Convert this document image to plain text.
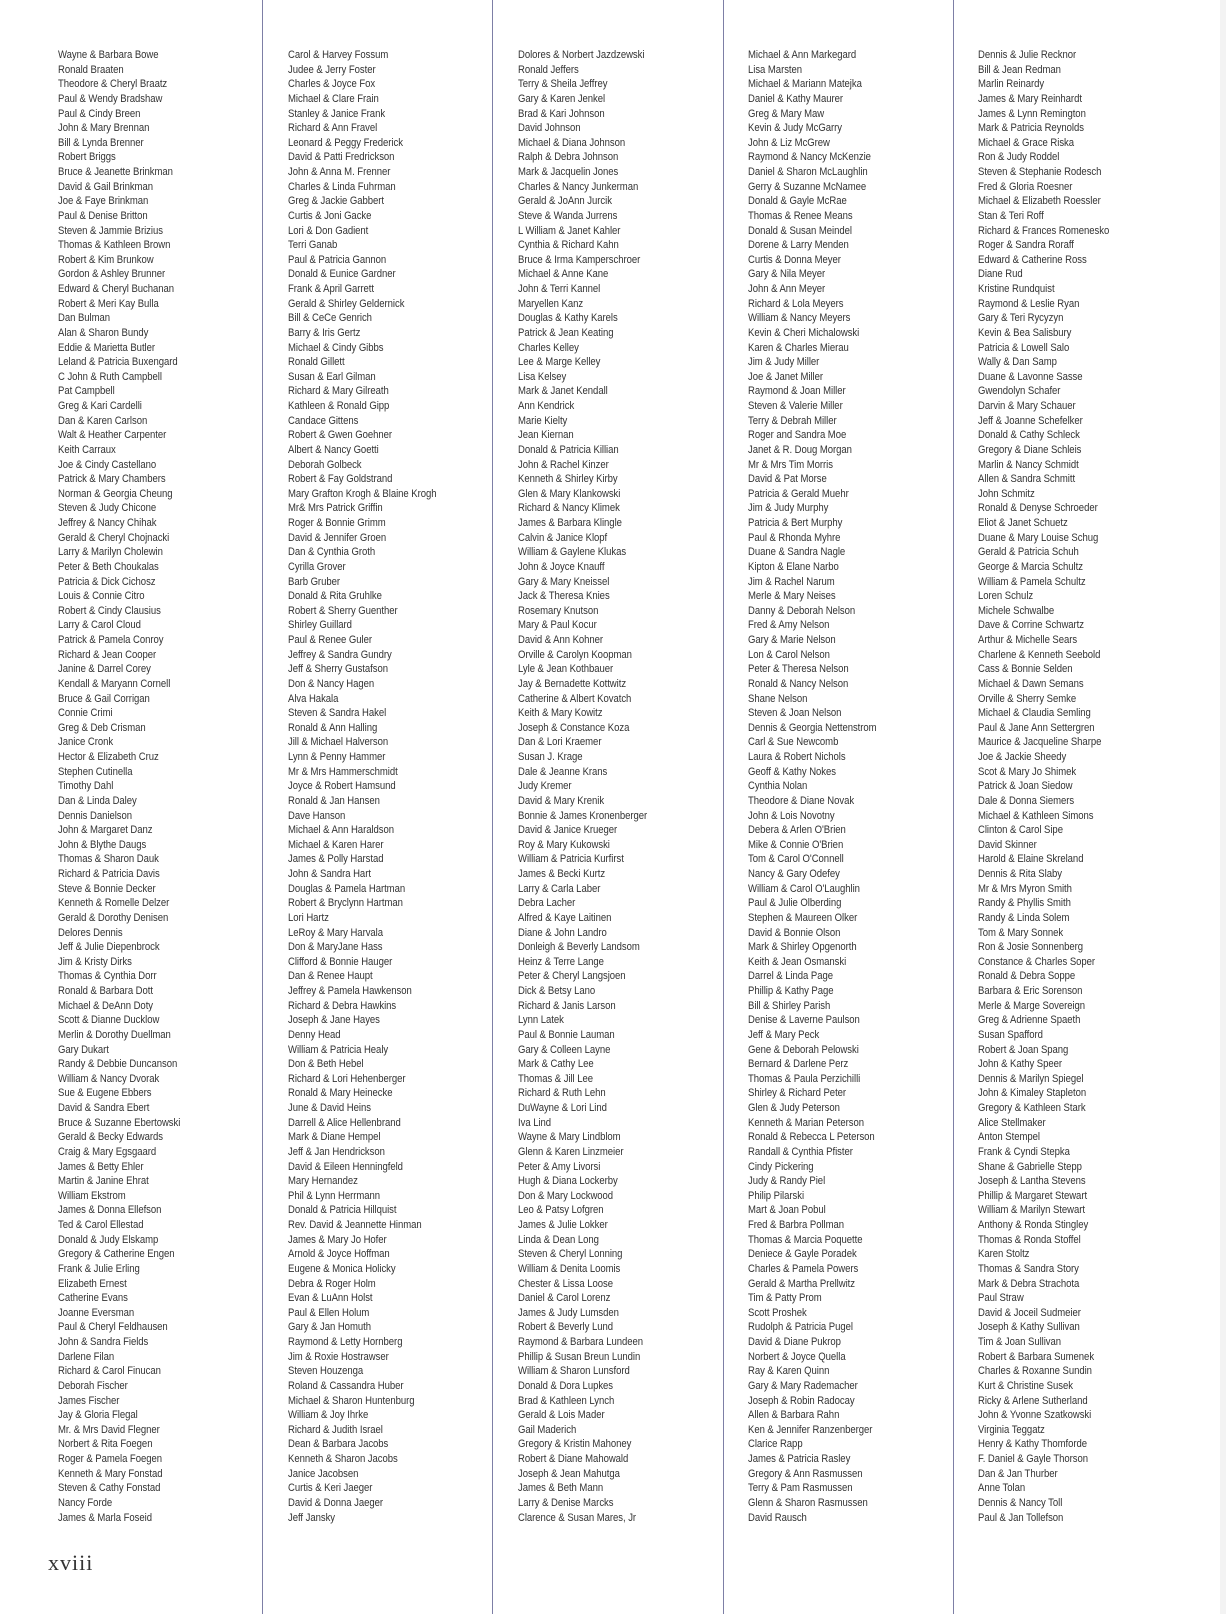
Wayne & Barbara Bowe
Ronald Braaten
Theodore & Cheryl Braatz
Paul & Wendy Bradshaw
Paul & Cindy Breen
John & Mary Brennan
Bill & Lynda Brenner
Robert Briggs
Bruce & Jeanette Brinkman
David & Gail Brinkman
Joe & Faye Brinkman
Paul & Denise Britton
Steven & Jammie Brizius
Thomas & Kathleen Brown
Robert & Kim Brunkow
Gordon & Ashley Brunner
Edward & Cheryl Buchanan
Robert & Meri Kay Bulla
Dan Bulman
Alan & Sharon Bundy
Eddie & Marietta Butler
Leland & Patricia Buxengard
C John & Ruth Campbell
Pat Campbell
Greg & Kari Cardelli
Dan & Karen Carlson
Walt & Heather Carpenter
Keith Carraux
Joe & Cindy Castellano
Patrick & Mary Chambers
Norman & Georgia Cheung
Steven & Judy Chicone
Jeffrey & Nancy Chihak
Gerald & Cheryl Chojnacki
Larry & Marilyn Cholewin
Peter & Beth Choukalas
Patricia & Dick Cichosz
Louis & Connie Citro
Robert & Cindy Clausius
Larry & Carol Cloud
Patrick & Pamela Conroy
Richard & Jean Cooper
Janine & Darrel Corey
Kendall & Maryann Cornell
Bruce & Gail Corrigan
Connie Crimi
Greg & Deb Crisman
Janice Cronk
Hector & Elizabeth Cruz
Stephen Cutinella
Timothy Dahl
Dan & Linda Daley
Dennis Danielson
John & Margaret Danz
John & Blythe Daugs
Thomas & Sharon Dauk
Richard & Patricia Davis
Steve & Bonnie Decker
Kenneth & Romelle Delzer
Gerald & Dorothy Denisen
Delores Dennis
Jeff & Julie Diepenbrock
Jim & Kristy Dirks
Thomas & Cynthia Dorr
Ronald & Barbara Dott
Michael & DeAnn Doty
Scott & Dianne Ducklow
Merlin & Dorothy Duellman
Gary Dukart
Randy & Debbie Duncanson
William & Nancy Dvorak
Sue & Eugene Ebbers
David & Sandra Ebert
Bruce & Suzanne Ebertowski
Gerald & Becky Edwards
Craig & Mary Egsgaard
James & Betty Ehler
Martin & Janine Ehrat
William Ekstrom
James & Donna Ellefson
Ted & Carol Ellestad
Donald & Judy Elskamp
Gregory & Catherine Engen
Frank & Julie Erling
Elizabeth Ernest
Catherine Evans
Joanne Eversman
Paul & Cheryl Feldhausen
John & Sandra Fields
Darlene Filan
Richard & Carol Finucan
Deborah Fischer
James Fischer
Jay & Gloria Flegal
Mr. & Mrs David Flegner
Norbert & Rita Foegen
Roger & Pamela Foegen
Kenneth & Mary Fonstad
Steven & Cathy Fonstad
Nancy Forde
James & Marla Foseid
Carol & Harvey Fossum
Judee & Jerry Foster
Charles & Joyce Fox
Michael & Clare Frain
Stanley & Janice Frank
Richard & Ann Fravel
Leonard & Peggy Frederick
David & Patti Fredrickson
John & Anna M. Frenner
Charles & Linda Fuhrman
Greg & Jackie Gabbert
Curtis & Joni Gacke
Lori & Don Gadient
Terri Ganab
Paul & Patricia Gannon
Donald & Eunice Gardner
Frank & April Garrett
Gerald & Shirley Geldernick
Bill & CeCe Genrich
Barry & Iris Gertz
Michael & Cindy Gibbs
Ronald Gillett
Susan & Earl Gilman
Richard & Mary Gilreath
Kathleen & Ronald Gipp
Candace Gittens
Robert & Gwen Goehner
Albert & Nancy Goetti
Deborah Golbeck
Robert & Fay Goldstrand
Mary Grafton Krogh & Blaine Krogh
Mr& Mrs Patrick Griffin
Roger & Bonnie Grimm
David & Jennifer Groen
Dan & Cynthia Groth
Cyrilla Grover
Barb Gruber
Donald & Rita Gruhlke
Robert & Sherry Guenther
Shirley Guillard
Paul & Renee Guler
Jeffrey & Sandra Gundry
Jeff & Sherry Gustafson
Don & Nancy Hagen
Alva Hakala
Steven & Sandra Hakel
Ronald & Ann Halling
Jill & Michael Halverson
Lynn & Penny Hammer
Mr & Mrs Hammerschmidt
Joyce & Robert Hamsund
Ronald & Jan Hansen
Dave Hanson
Michael & Ann Haraldson
Michael & Karen Harer
James & Polly Harstad
John & Sandra Hart
Douglas & Pamela Hartman
Robert & Bryclynn Hartman
Lori Hartz
LeRoy & Mary Harvala
Don & MaryJane Hass
Clifford & Bonnie Hauger
Dan & Renee Haupt
Jeffrey & Pamela Hawkenson
Richard & Debra Hawkins
Joseph & Jane Hayes
Denny Head
William & Patricia Healy
Don & Beth Hebel
Richard & Lori Hehenberger
Ronald & Mary Heinecke
June & David Heins
Darrell & Alice Hellenbrand
Mark & Diane Hempel
Jeff & Jan Hendrickson
David & Eileen Henningfeld
Mary Hernandez
Phil & Lynn Herrmann
Donald & Patricia Hillquist
Rev. David & Jeannette Hinman
James & Mary Jo Hofer
Arnold & Joyce Hoffman
Eugene & Monica Holicky
Debra & Roger Holm
Evan & LuAnn Holst
Paul & Ellen Holum
Gary & Jan Homuth
Raymond & Letty Hornberg
Jim & Roxie Hostrawser
Steven Houzenga
Roland & Cassandra Huber
Michael & Sharon Huntenburg
William & Joy Ihrke
Richard & Judith Israel
Dean & Barbara Jacobs
Kenneth & Sharon Jacobs
Janice Jacobsen
Curtis & Keri Jaeger
David & Donna Jaeger
Jeff Jansky
Dolores & Norbert Jazdzewski
Ronald Jeffers
Terry & Sheila Jeffrey
Gary & Karen Jenkel
Brad & Kari Johnson
David Johnson
Michael & Diana Johnson
Ralph & Debra Johnson
Mark & Jacquelin Jones
Charles & Nancy Junkerman
Gerald & JoAnn Jurcik
Steve & Wanda Jurrens
L William & Janet Kahler
Cynthia & Richard Kahn
Bruce & Irma Kamperschroer
Michael & Anne Kane
John & Terri Kannel
Maryellen Kanz
Douglas & Kathy Karels
Patrick & Jean Keating
Charles Kelley
Lee & Marge Kelley
Lisa Kelsey
Mark & Janet Kendall
Ann Kendrick
Marie Kielty
Jean Kiernan
Donald & Patricia Killian
John & Rachel Kinzer
Kenneth & Shirley Kirby
Glen & Mary Klankowski
Richard & Nancy Klimek
James & Barbara Klingle
Calvin & Janice Klopf
William & Gaylene Klukas
John & Joyce Knauff
Gary & Mary Kneissel
Jack & Theresa Knies
Rosemary Knutson
Mary & Paul Kocur
David & Ann Kohner
Orville & Carolyn Koopman
Lyle & Jean Kothbauer
Jay & Bernadette Kottwitz
Catherine & Albert Kovatch
Keith & Mary Kowitz
Joseph & Constance Koza
Dan & Lori Kraemer
Susan J. Krage
Dale & Jeanne Krans
Judy Kremer
David & Mary Krenik
Bonnie & James Kronenberger
David & Janice Krueger
Roy & Mary Kukowski
William & Patricia Kurfirst
James & Becki Kurtz
Larry & Carla Laber
Debra Lacher
Alfred & Kaye Laitinen
Diane & John Landro
Donleigh & Beverly Landsom
Heinz & Terre Lange
Peter & Cheryl Langsjoen
Dick & Betsy Lano
Richard & Janis Larson
Lynn Latek
Paul & Bonnie Lauman
Gary & Colleen Layne
Mark & Cathy Lee
Thomas & Jill Lee
Richard & Ruth Lehn
DuWayne & Lori Lind
Iva Lind
Wayne & Mary Lindblom
Glenn & Karen Linzmeier
Peter & Amy Livorsi
Hugh & Diana Lockerby
Don & Mary Lockwood
Leo & Patsy Lofgren
James & Julie Lokker
Linda & Dean Long
Steven & Cheryl Lonning
William & Denita Loomis
Chester & Lissa Loose
Daniel & Carol Lorenz
James & Judy Lumsden
Robert & Beverly Lund
Raymond & Barbara Lundeen
Phillip & Susan Breun Lundin
William & Sharon Lunsford
Donald & Dora Lupkes
Brad & Kathleen Lynch
Gerald & Lois Mader
Gail Maderich
Gregory & Kristin Mahoney
Robert & Diane Mahowald
Joseph & Jean Mahutga
James & Beth Mann
Larry & Denise Marcks
Clarence & Susan Mares, Jr
Michael & Ann Markegard
Lisa Marsten
Michael & Mariann Matejka
Daniel & Kathy Maurer
Greg & Mary Maw
Kevin & Judy McGarry
John & Liz McGrew
Raymond & Nancy McKenzie
Daniel & Sharon McLaughlin
Gerry & Suzanne McNamee
Donald & Gayle McRae
Thomas & Renee Means
Donald & Susan Meindel
Dorene & Larry Menden
Curtis & Donna Meyer
Gary & Nila Meyer
John & Ann Meyer
Richard & Lola Meyers
William & Nancy Meyers
Kevin & Cheri Michalowski
Karen & Charles Mierau
Jim & Judy Miller
Joe & Janet Miller
Raymond & Joan Miller
Steven & Valerie Miller
Terry & Debrah Miller
Roger and Sandra Moe
Janet & R. Doug Morgan
Mr & Mrs Tim Morris
David & Pat Morse
Patricia & Gerald Muehr
Jim & Judy Murphy
Patricia & Bert Murphy
Paul & Rhonda Myhre
Duane & Sandra Nagle
Kipton & Elane Narbo
Jim & Rachel Narum
Merle & Mary Neises
Danny & Deborah Nelson
Fred & Amy Nelson
Gary & Marie Nelson
Lon & Carol Nelson
Peter & Theresa Nelson
Ronald & Nancy Nelson
Shane Nelson
Steven & Joan Nelson
Dennis & Georgia Nettenstrom
Carl & Sue Newcomb
Laura & Robert Nichols
Geoff & Kathy Nokes
Cynthia Nolan
Theodore & Diane Novak
John & Lois Novotny
Debera & Arlen O'Brien
Mike & Connie O'Brien
Tom & Carol O'Connell
Nancy & Gary Odefey
William & Carol O'Laughlin
Paul & Julie Olberding
Stephen & Maureen Olker
David & Bonnie Olson
Mark & Shirley Opgenorth
Keith & Jean Osmanski
Darrel & Linda Page
Phillip & Kathy Page
Bill & Shirley Parish
Denise & Laverne Paulson
Jeff & Mary Peck
Gene & Deborah Pelowski
Bernard & Darlene Perz
Thomas & Paula Perzichilli
Shirley & Richard Peter
Glen & Judy Peterson
Kenneth & Marian Peterson
Ronald & Rebecca L Peterson
Randall & Cynthia Pfister
Cindy Pickering
Judy & Randy Piel
Philip Pilarski
Mart & Joan Pobul
Fred & Barbra Pollman
Thomas & Marcia Poquette
Deniece & Gayle Poradek
Charles & Pamela Powers
Gerald & Martha Prellwitz
Tim & Patty Prom
Scott Proshek
Rudolph & Patricia Pugel
David & Diane Pukrop
Norbert & Joyce Quella
Ray & Karen Quinn
Gary & Mary Rademacher
Joseph & Robin Radocay
Allen & Barbara Rahn
Ken & Jennifer Ranzenberger
Clarice Rapp
James & Patricia Rasley
Gregory & Ann Rasmussen
Terry & Pam Rasmussen
Glenn & Sharon Rasmussen
David Rausch
Dennis & Julie Recknor
Bill & Jean Redman
Marlin Reinardy
James & Mary Reinhardt
James & Lynn Remington
Mark & Patricia Reynolds
Michael & Grace Riska
Ron & Judy Roddel
Steven & Stephanie Rodesch
Fred & Gloria Roesner
Michael & Elizabeth Roessler
Stan & Teri Roff
Richard & Frances Romenesko
Roger & Sandra Roraff
Edward & Catherine Ross
Diane Rud
Kristine Rundquist
Raymond & Leslie Ryan
Gary & Teri Rycyzyn
Kevin & Bea Salisbury
Patricia & Lowell Salo
Wally & Dan Samp
Duane & Lavonne Sasse
Gwendolyn Schafer
Darvin & Mary Schauer
Jeff & Joanne Schefelker
Donald & Cathy Schleck
Gregory & Diane Schleis
Marlin & Nancy Schmidt
Allen & Sandra Schmitt
John Schmitz
Ronald & Denyse Schroeder
Eliot & Janet Schuetz
Duane & Mary Louise Schug
Gerald & Patricia Schuh
George & Marcia Schultz
William & Pamela Schultz
Loren Schulz
Michele Schwalbe
Dave & Corrine Schwartz
Arthur & Michelle Sears
Charlene & Kenneth Seebold
Cass & Bonnie Selden
Michael & Dawn Semans
Orville & Sherry Semke
Michael & Claudia Semling
Paul & Jane Ann Settergren
Maurice & Jacqueline Sharpe
Joe & Jackie Sheedy
Scot & Mary Jo Shimek
Patrick & Joan Siedow
Dale & Donna Siemers
Michael & Kathleen Simons
Clinton & Carol Sipe
David Skinner
Harold & Elaine Skreland
Dennis & Rita Slaby
Mr & Mrs Myron Smith
Randy & Phyllis Smith
Randy & Linda Solem
Tom & Mary Sonnek
Ron & Josie Sonnenberg
Constance & Charles Soper
Ronald & Debra Soppe
Barbara & Eric Sorenson
Merle & Marge Sovereign
Greg & Adrienne Spaeth
Susan Spafford
Robert & Joan Spang
John & Kathy Speer
Dennis & Marilyn Spiegel
John & Kimaley Stapleton
Gregory & Kathleen Stark
Alice Stellmaker
Anton Stempel
Frank & Cyndi Stepka
Shane & Gabrielle Stepp
Joseph & Lantha Stevens
Phillip & Margaret Stewart
William & Marilyn Stewart
Anthony & Ronda Stingley
Thomas & Ronda Stoffel
Karen Stoltz
Thomas & Sandra Story
Mark & Debra Strachota
Paul Straw
David & Joceil Sudmeier
Joseph & Kathy Sullivan
Tim & Joan Sullivan
Robert & Barbara Sumenek
Charles & Roxanne Sundin
Kurt & Christine Susek
Ricky & Arlene Sutherland
John & Yvonne Szatkowski
Virginia Teggatz
Henry & Kathy Thomforde
F. Daniel & Gayle Thorson
Dan & Jan Thurber
Anne Tolan
Dennis & Nancy Toll
Paul & Jan Tollefson
xviii
